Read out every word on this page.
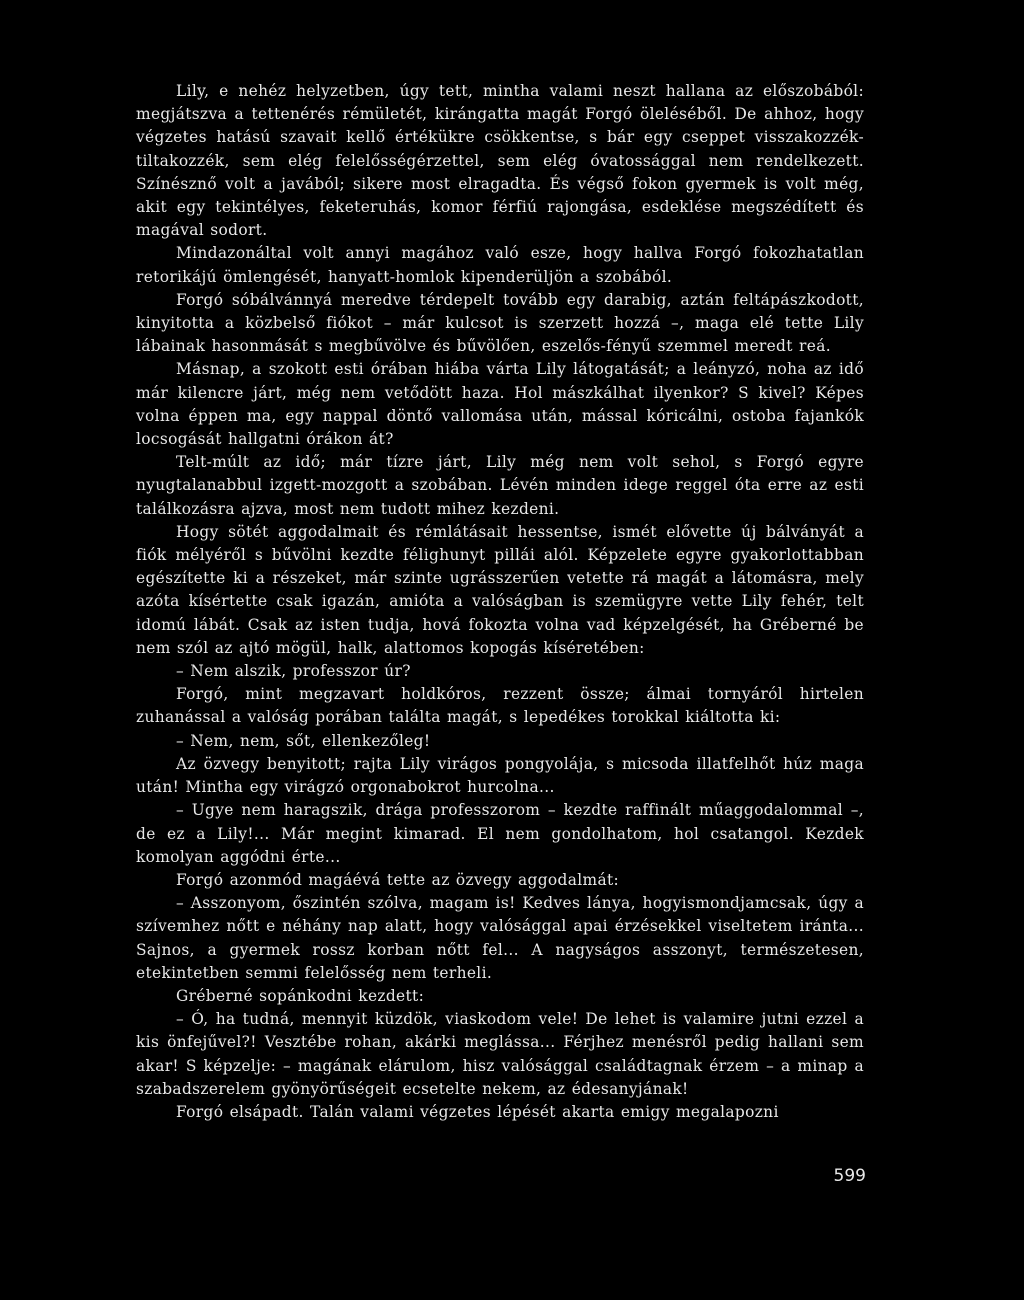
Lily, e nehéz helyzetben, úgy tett, mintha valami neszt hallana az előszobából: megjátszva a tettenérés rémületét, kirángatta magát Forgó öleléséből. De ahhoz, hogy végzetes hatású szavait kellő értékükre csökkentse, s bár egy cseppet visszakozzék-tiltakozzék, sem elég felelősségérzettel, sem elég óvatossággal nem rendelkezett. Színésznő volt a javából; sikere most elragadta. És végső fokon gyermek is volt még, akit egy tekintélyes, feketeruhás, komor férfiú rajongása, esdeklése megszédített és magával sodort.

Mindazonáltal volt annyi magához való esze, hogy hallva Forgó fokozhatatlan retorikájú ömlengését, hanyatt-homlok kipenderüljön a szobából.

Forgó sóbálvánnyá meredve térdepelt tovább egy darabig, aztán feltápászkodott, kinyitotta a közbelső fiókot – már kulcsot is szerzett hozzá –, maga elé tette Lily lábainak hasonmását s megbűvölve és bűvölően, eszelős-fényű szemmel meredt reá.

Másnap, a szokott esti órában hiába várta Lily látogatását; a leányzó, noha az idő már kilencre járt, még nem vetődött haza. Hol mászkálhat ilyenkor? S kivel? Képes volna éppen ma, egy nappal döntő vallomása után, mással kóricálni, ostoba fajankók locsogását hallgatni órákon át?

Telt-múlt az idő; már tízre járt, Lily még nem volt sehol, s Forgó egyre nyugtalanabbul izgett-mozgott a szobában. Lévén minden idege reggel óta erre az esti találkozásra ajzva, most nem tudott mihez kezdeni.

Hogy sötét aggodalmait és rémlátásait hessentse, ismét elővette új bálványát a fiók mélyéről s bűvölni kezdte félighunyt pillái alól. Képzelete egyre gyakorlottabban egészítette ki a részeket, már szinte ugrásszerűen vetette rá magát a látomásra, mely azóta kísértette csak igazán, amióta a valóságban is szemügyre vette Lily fehér, telt idomú lábát. Csak az isten tudja, hová fokozta volna vad képzelgését, ha Gréberné be nem szól az ajtó mögül, halk, alattomos kopogás kíséretében:

– Nem alszik, professzor úr?

Forgó, mint megzavart holdkóros, rezzent össze; álmai tornyáról hirtelen zuhanással a valóság porában találta magát, s lepedékes torokkal kiáltotta ki:

– Nem, nem, sőt, ellenkezőleg!

Az özvegy benyitott; rajta Lily virágos pongyolája, s micsoda illatfelhőt húz maga után! Mintha egy virágzó orgonabokrot hurcolna...

– Ugye nem haragszik, drága professzorom – kezdte raffinált műaggodalommal –, de ez a Lily!... Már megint kimarad. El nem gondolhatom, hol csatangol. Kezdek komolyan aggódni érte...

Forgó azonmód magáévá tette az özvegy aggodalmát:

– Asszonyom, őszintén szólva, magam is! Kedves lánya, hogyismondjamcsak, úgy a szívemhez nőtt e néhány nap alatt, hogy valósággal apai érzésekkel viseltetem iránta... Sajnos, a gyermek rossz korban nőtt fel... A nagyságos asszonyt, természetesen, etekintetben semmi felelősség nem terheli.

Gréberné sopánkodni kezdett:

– Ó, ha tudná, mennyit küzdök, viaskodom vele! De lehet is valamire jutni ezzel a kis önfejűvel?! Vesztébe rohan, akárki meglássa... Férjhez menésről pedig hallani sem akar! S képzelje: – magának elárulom, hisz valósággal családtagnak érzem – a minap a szabadszerelem gyönyörűségeit ecsetelte nekem, az édesanyjának!

Forgó elsápadt. Talán valami végzetes lépését akarta emigy megalapozni

599
